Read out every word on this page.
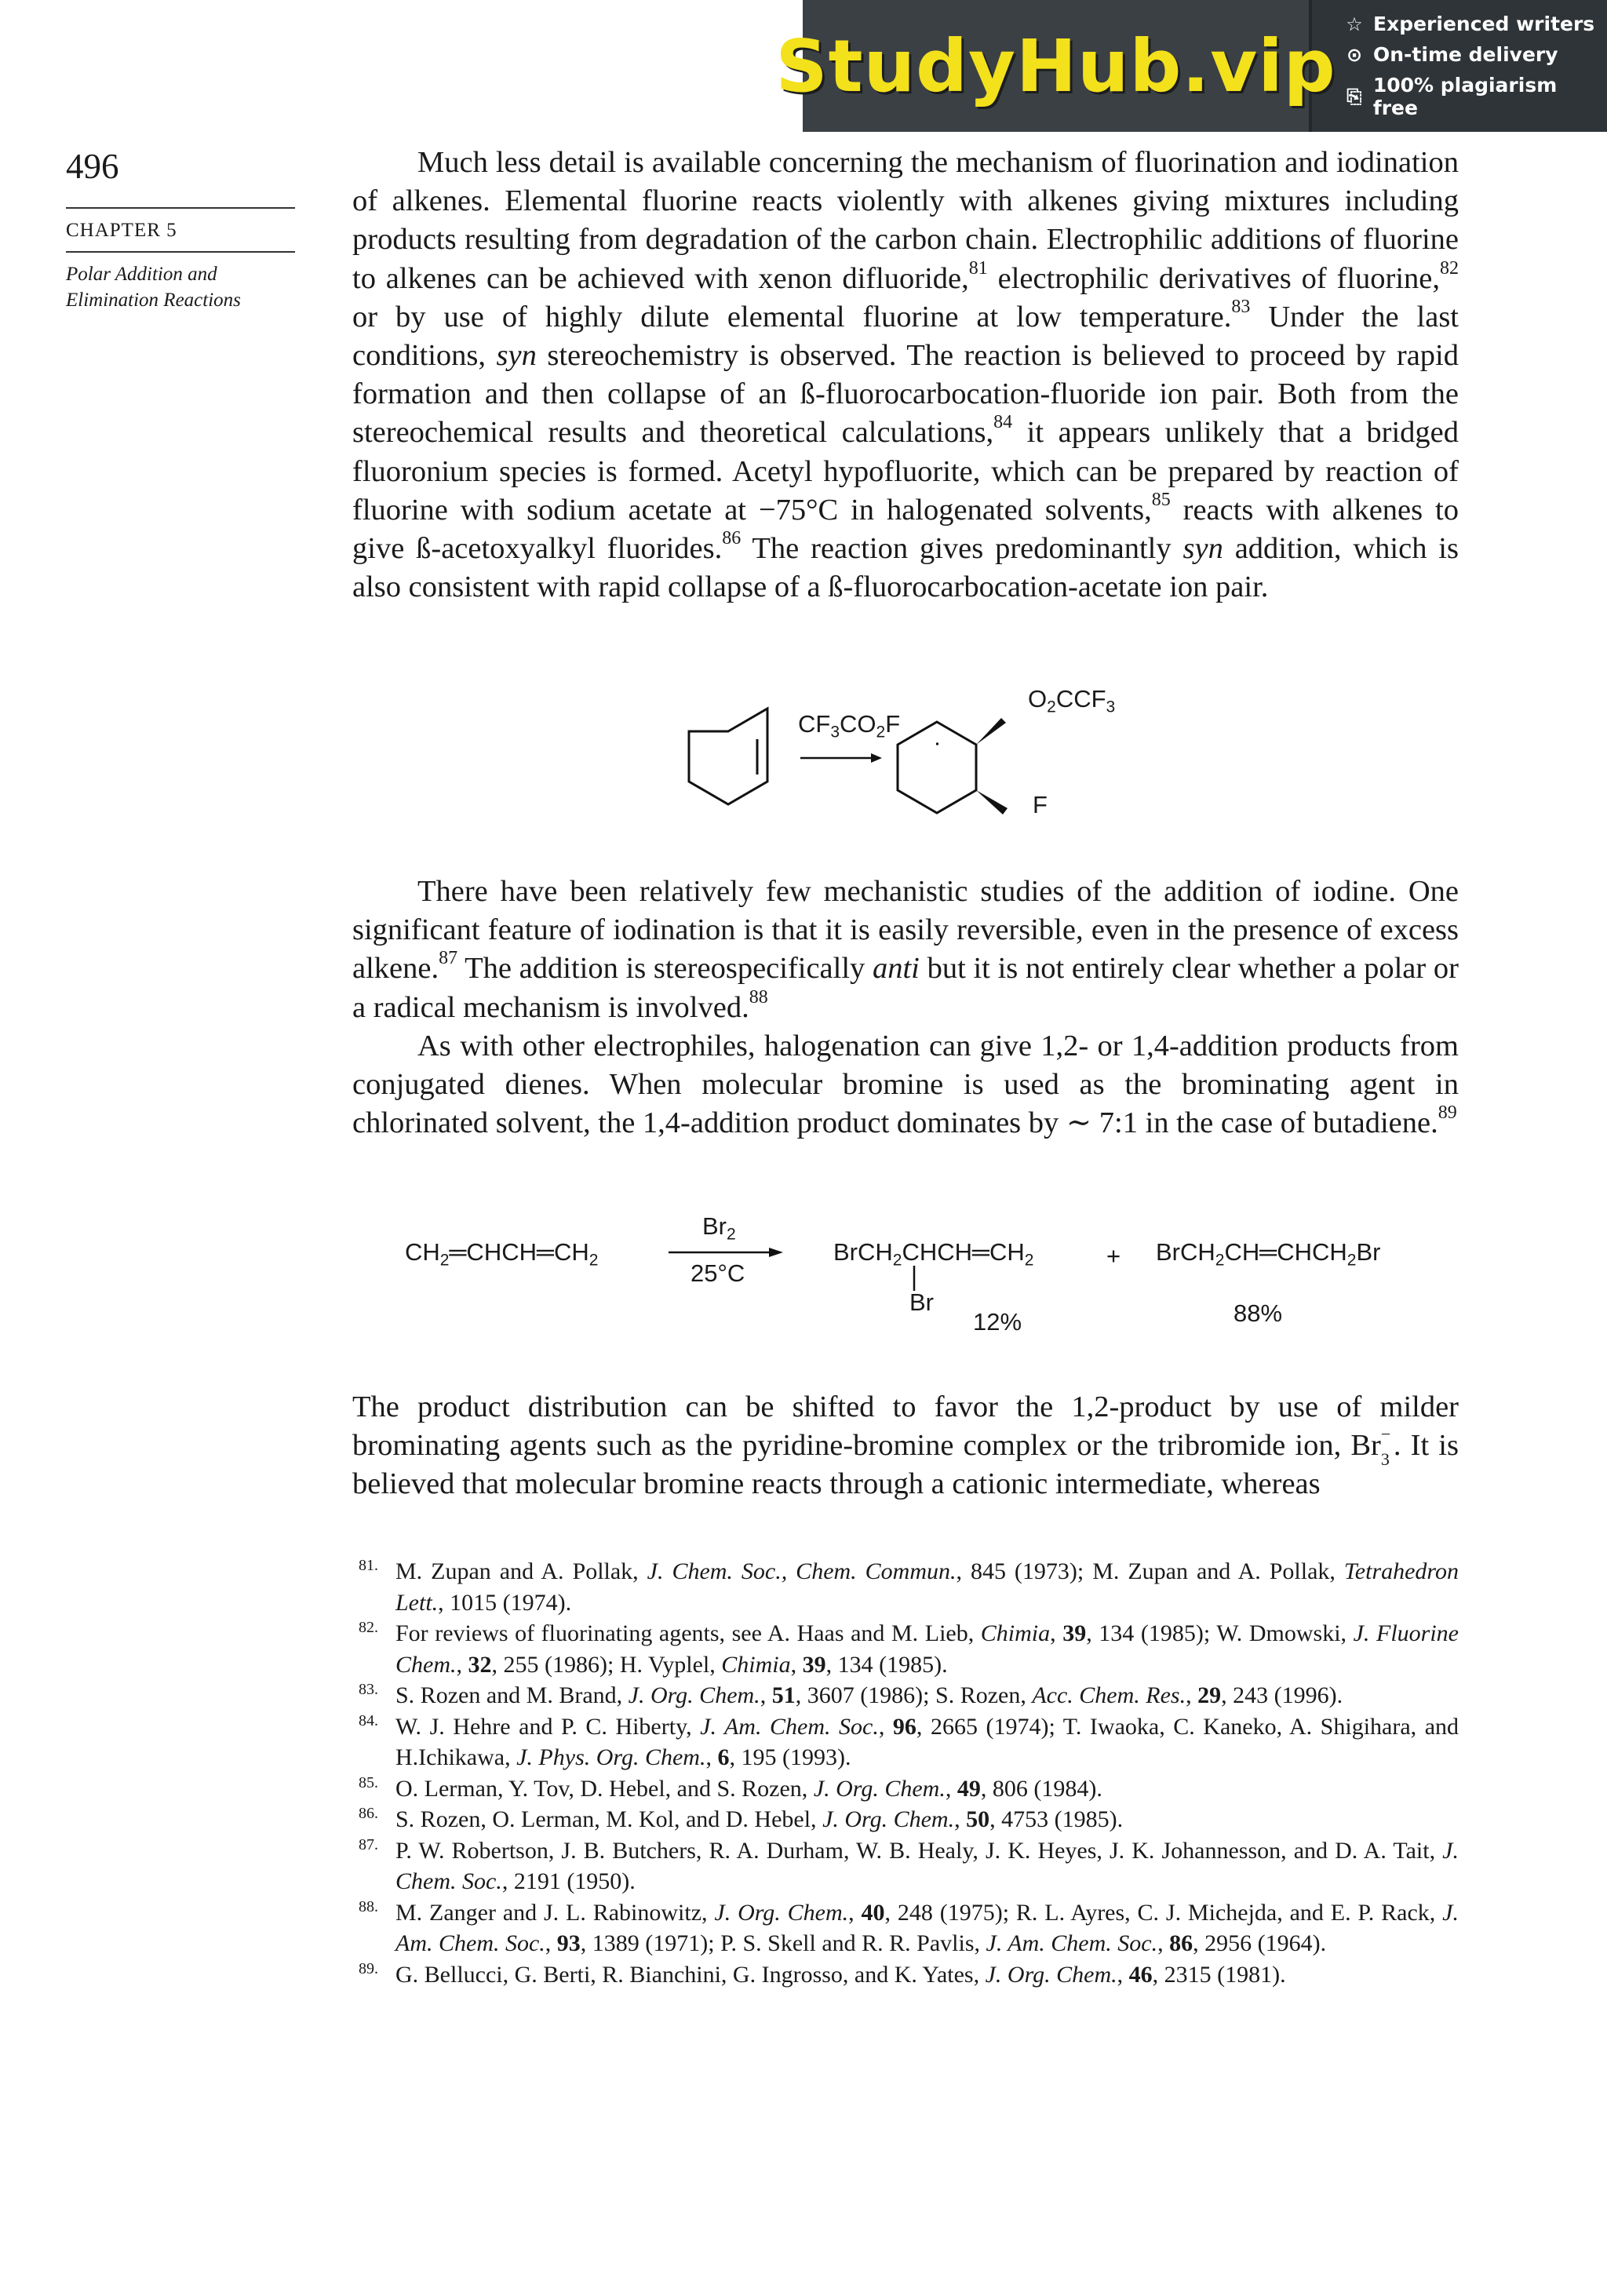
StudyHub.vip ☆ Experienced writers
⊙ On-time delivery
⎘ 100% plagiarism free
496
CHAPTER 5
Polar Addition and Elimination Reactions
Much less detail is available concerning the mechanism of fluorination and iodination of alkenes. Elemental fluorine reacts violently with alkenes giving mixtures including products resulting from degradation of the carbon chain. Electrophilic additions of fluorine to alkenes can be achieved with xenon difluoride,$^{81}$ electrophilic derivatives of fluorine,$^{82}$ or by use of highly dilute elemental fluorine at low temperature.$^{83}$ Under the last conditions, syn stereochemistry is observed. The reaction is believed to proceed by rapid formation and then collapse of an ß-fluorocarbocation-fluoride ion pair. Both from the stereochemical results and theoretical calculations,$^{84}$ it appears unlikely that a bridged fluoronium species is formed. Acetyl hypofluorite, which can be prepared by reaction of fluorine with sodium acetate at −75°C in halogenated solvents,$^{85}$ reacts with alkenes to give ß-acetoxyalkyl fluorides.$^{86}$ The reaction gives predominantly syn addition, which is also consistent with rapid collapse of a ß-fluorocarbocation-acetate ion pair.
$CF_3CO_2F$
$O_2CCF_3$
F
There have been relatively few mechanistic studies of the addition of iodine. One significant feature of iodination is that it is easily reversible, even in the presence of excess alkene.$^{87}$ The addition is stereospecifically anti but it is not entirely clear whether a polar or a radical mechanism is involved.$^{88}$
As with other electrophiles, halogenation can give 1,2- or 1,4-addition products from conjugated dienes. When molecular bromine is used as the brominating agent in chlorinated solvent, the 1,4-addition product dominates by ∼ 7:1 in the case of butadiene.$^{89}$
$CH_2═CHCH═CH_2$
$Br_2$
25°C
$BrCH_2CHCH═CH_2$
Br
+ $BrCH_2CH═CHCH_2Br$
12%	88%
The product distribution can be shifted to favor the 1,2-product by use of milder brominating agents such as the pyridine-bromine complex or the tribromide ion, Br −
3 . It is believed that molecular bromine reacts through a cationic intermediate, whereas
81. M. Zupan and A. Pollak, J. Chem. Soc., Chem. Commun., 845 (1973); M. Zupan and A. Pollak, Tetrahedron Lett., 1015 (1974).
82. For reviews of fluorinating agents, see A. Haas and M. Lieb, Chimia, 39, 134 (1985); W. Dmowski, J. Fluorine Chem., 32, 255 (1986); H. Vyplel, Chimia, 39, 134 (1985).
83. S. Rozen and M. Brand, J. Org. Chem., 51, 3607 (1986); S. Rozen, Acc. Chem. Res., 29, 243 (1996).
84. W. J. Hehre and P. C. Hiberty, J. Am. Chem. Soc., 96, 2665 (1974); T. Iwaoka, C. Kaneko, A. Shigihara, and H.Ichikawa, J. Phys. Org. Chem., 6, 195 (1993).
85. O. Lerman, Y. Tov, D. Hebel, and S. Rozen, J. Org. Chem., 49, 806 (1984).
86. S. Rozen, O. Lerman, M. Kol, and D. Hebel, J. Org. Chem., 50, 4753 (1985).
87. P. W. Robertson, J. B. Butchers, R. A. Durham, W. B. Healy, J. K. Heyes, J. K. Johannesson, and D. A. Tait, J. Chem. Soc., 2191 (1950).
88. M. Zanger and J. L. Rabinowitz, J. Org. Chem., 40, 248 (1975); R. L. Ayres, C. J. Michejda, and E. P. Rack, J. Am. Chem. Soc., 93, 1389 (1971); P. S. Skell and R. R. Pavlis, J. Am. Chem. Soc., 86, 2956 (1964).
89. G. Bellucci, G. Berti, R. Bianchini, G. Ingrosso, and K. Yates, J. Org. Chem., 46, 2315 (1981).
